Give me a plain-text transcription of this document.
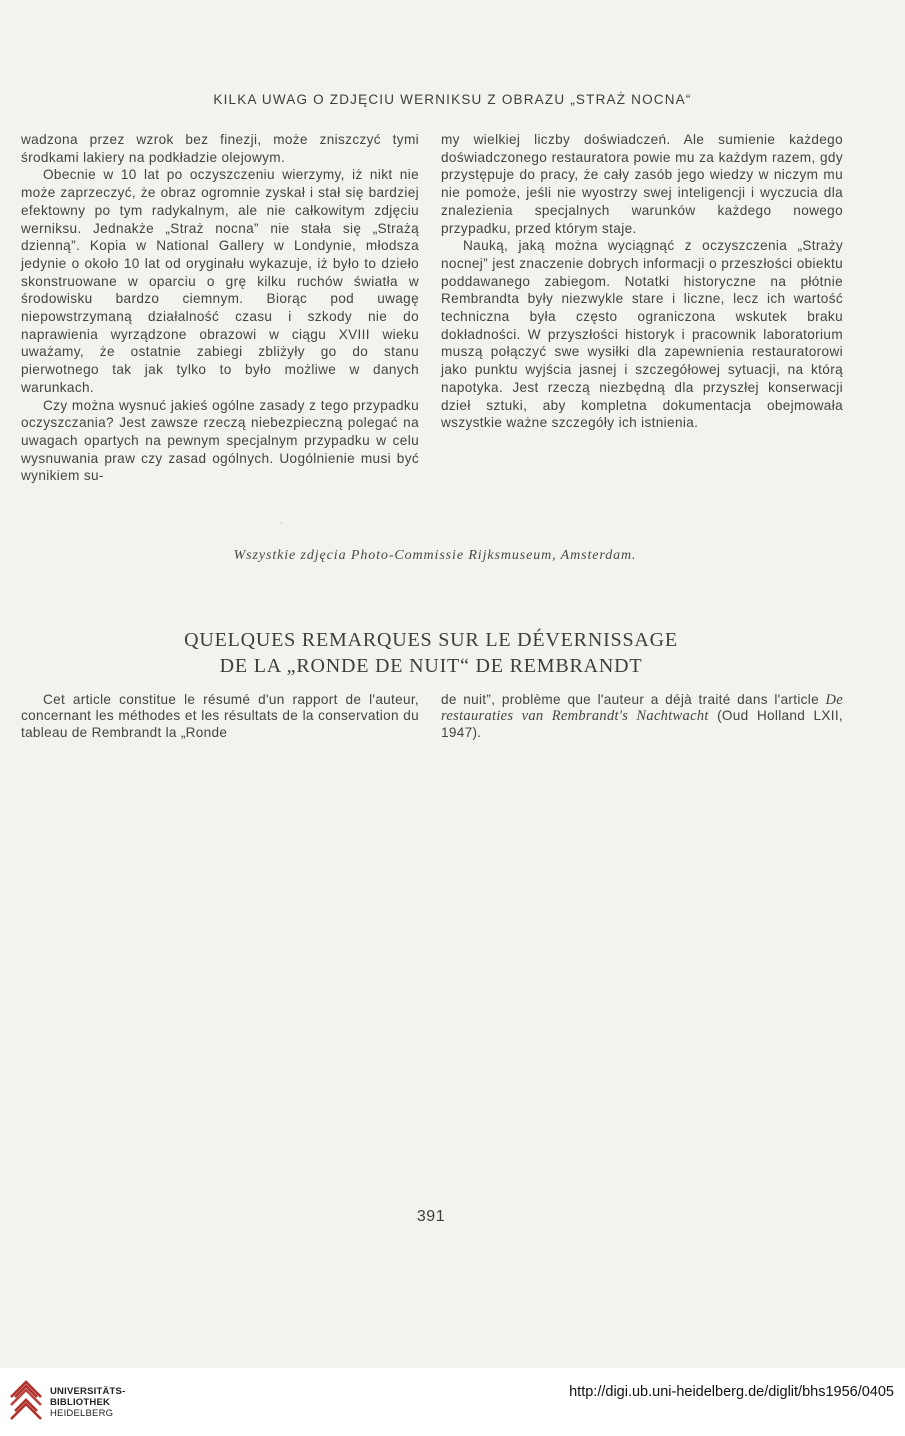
KILKA UWAG O ZDJĘCIU WERNIKSU Z OBRAZU „STRAŻ NOCNA“

wadzona przez wzrok bez finezji, może zniszczyć tymi środkami lakiery na podkładzie olejowym.

Obecnie w 10 lat po oczyszczeniu wierzymy, iż nikt nie może zaprzeczyć, że obraz ogromnie zyskał i stał się bardziej efektowny po tym radykalnym, ale nie całkowitym zdjęciu werniksu. Jednakże „Straż nocna” nie stała się „Strażą dzienną”. Kopia w National Gallery w Londynie, młodsza jedynie o około 10 lat od oryginału wykazuje, iż było to dzieło skonstruowane w oparciu o grę kilku ruchów światła w środowisku bardzo ciemnym. Biorąc pod uwagę niepowstrzymaną działalność czasu i szkody nie do naprawienia wyrządzone obrazowi w ciągu XVIII wieku uważamy, że ostatnie zabiegi zbliżyły go do stanu pierwotnego tak jak tylko to było możliwe w danych warunkach.

Czy można wysnuć jakieś ogólne zasady z tego przypadku oczyszczania? Jest zawsze rzeczą niebezpieczną polegać na uwagach opartych na pewnym specjalnym przypadku w celu wysnuwania praw czy zasad ogólnych. Uogólnienie musi być wynikiem su-

my wielkiej liczby doświadczeń. Ale sumienie każdego doświadczonego restauratora powie mu za każdym razem, gdy przystępuje do pracy, że cały zasób jego wiedzy w niczym mu nie pomoże, jeśli nie wyostrzy swej inteligencji i wyczucia dla znalezienia specjalnych warunków każdego nowego przypadku, przed którym staje.

Nauką, jaką można wyciągnąć z oczyszczenia „Straży nocnej” jest znaczenie dobrych informacji o przeszłości obiektu poddawanego zabiegom. Notatki historyczne na płótnie Rembrandta były niezwykle stare i liczne, lecz ich wartość techniczna była często ograniczona wskutek braku dokładności. W przyszłości historyk i pracownik laboratorium muszą połączyć swe wysiłki dla zapewnienia restauratorowi jako punktu wyjścia jasnej i szczegółowej sytuacji, na którą napotyka. Jest rzeczą niezbędną dla przyszłej konserwacji dzieł sztuki, aby kompletna dokumentacja obejmowała wszystkie ważne szczegóły ich istnienia.

·
Wszystkie zdjęcia Photo-Commissie Rijksmuseum, Amsterdam.
QUELQUES REMARQUES SUR LE DÉVERNISSAGE
DE LA „RONDE DE NUIT“ DE REMBRANDT

Cet article constitue le résumé d'un rapport de l'auteur, concernant les méthodes et les résultats de la conservation du tableau de Rembrandt la „Ronde

de nuit”, problème que l'auteur a déjà traité dans l'article De restauraties van Rembrandt's Nachtwacht (Oud Holland LXII, 1947).

391
UNIVERSITÄTS-
BIBLIOTHEK
HEIDELBERG
http://digi.ub.uni-heidelberg.de/diglit/bhs1956/0405
